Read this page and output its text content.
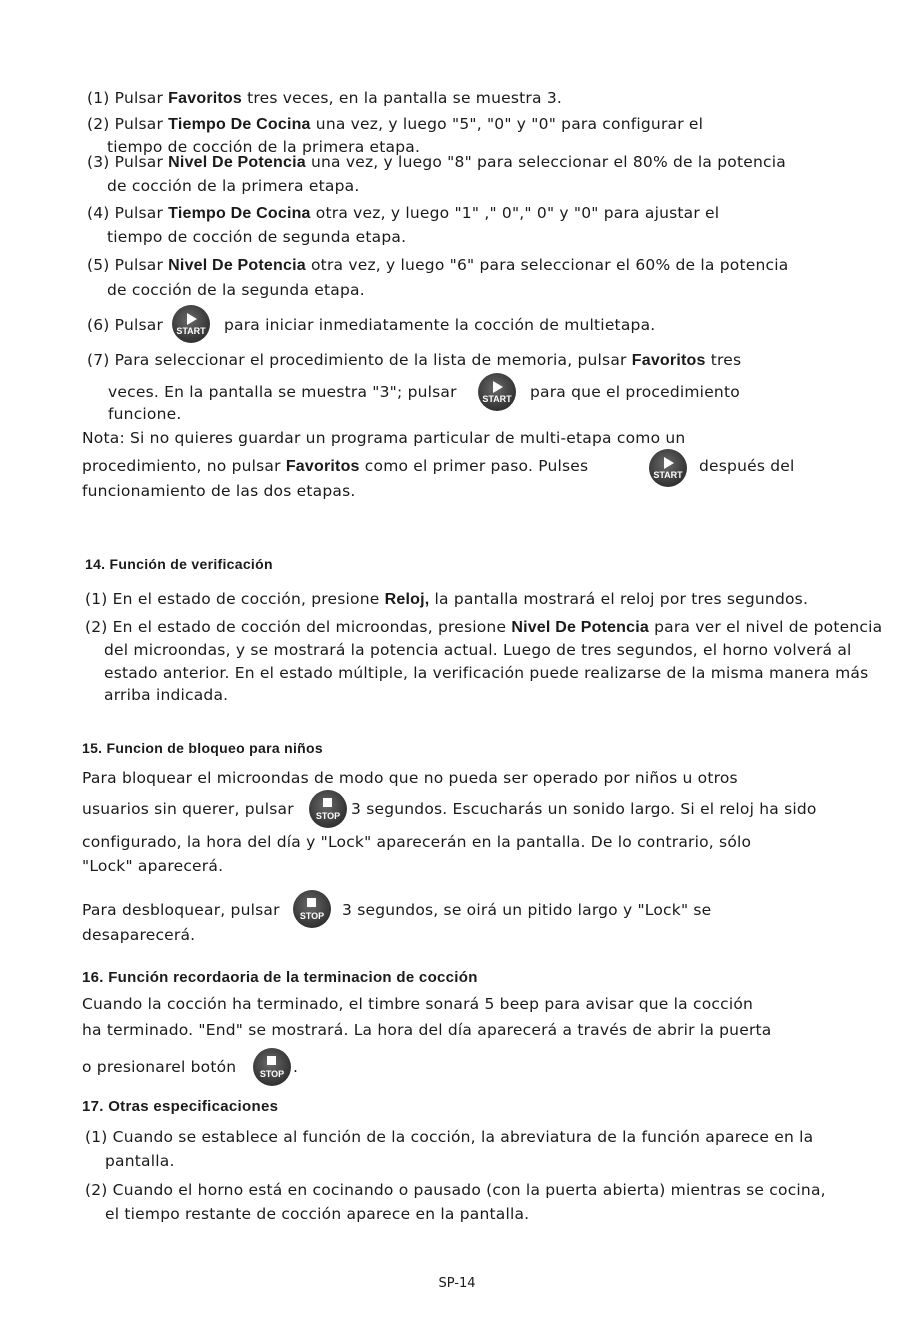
(1) Pulsar Favoritos tres veces, en la pantalla se muestra 3.
(2) Pulsar Tiempo De Cocina una vez, y luego "5", "0" y "0" para configurar el
tiempo de cocción de la primera etapa.
(3) Pulsar Nivel De Potencia una vez, y luego "8" para seleccionar el 80% de la potencia
de cocción de la primera etapa.
(4) Pulsar Tiempo De Cocina otra vez, y luego "1" ," 0"," 0" y "0" para ajustar el
tiempo de cocción de segunda etapa.
(5) Pulsar Nivel De Potencia otra vez, y luego "6" para seleccionar el 60% de la potencia
de cocción de la segunda etapa.
(6) Pulsar	START para iniciar inmediatamente la cocción de multietapa.
(7) Para seleccionar el procedimiento de la lista de memoria, pulsar Favoritos tres
veces. En la pantalla se muestra "3"; pulsar	START para que el procedimiento
funcione.
Nota: Si no quieres guardar un programa particular de multi-etapa como un
procedimiento, no pulsar Favoritos como el primer paso. Pulses	START después del
funcionamiento de las dos etapas.
14. Función de verificación
(1) En el estado de cocción, presione Reloj, la pantalla mostrará el reloj por tres segundos.
(2) En el estado de cocción del microondas, presione Nivel De Potencia para ver el nivel de potencia
del microondas, y se mostrará la potencia actual. Luego de tres segundos, el horno volverá al
estado anterior. En el estado múltiple, la verificación puede realizarse de la misma manera más
arriba indicada.
15. Funcion de bloqueo para niños
Para bloquear el microondas de modo que no pueda ser operado por niños u otros
usuarios sin querer, pulsar	STOP 3 segundos. Escucharás un sonido largo. Si el reloj ha sido
configurado, la hora del día y "Lock" aparecerán en la pantalla. De lo contrario, sólo
"Lock" aparecerá.
Para desbloquear, pulsar	STOP	3 segundos, se oirá un pitido largo y "Lock" se
desaparecerá.
16. Función recordaoria de la terminacion de cocción
Cuando la cocción ha terminado, el timbre sonará 5 beep para avisar que la cocción
ha terminado. "End" se mostrará. La hora del día aparecerá a través de abrir la puerta
o presionarel botón	STOP .
17. Otras especificaciones
(1) Cuando se establece al función de la cocción, la abreviatura de la función aparece en la
pantalla.
(2) Cuando el horno está en cocinando o pausado (con la puerta abierta) mientras se cocina,
el tiempo restante de cocción aparece en la pantalla.
SP-14
